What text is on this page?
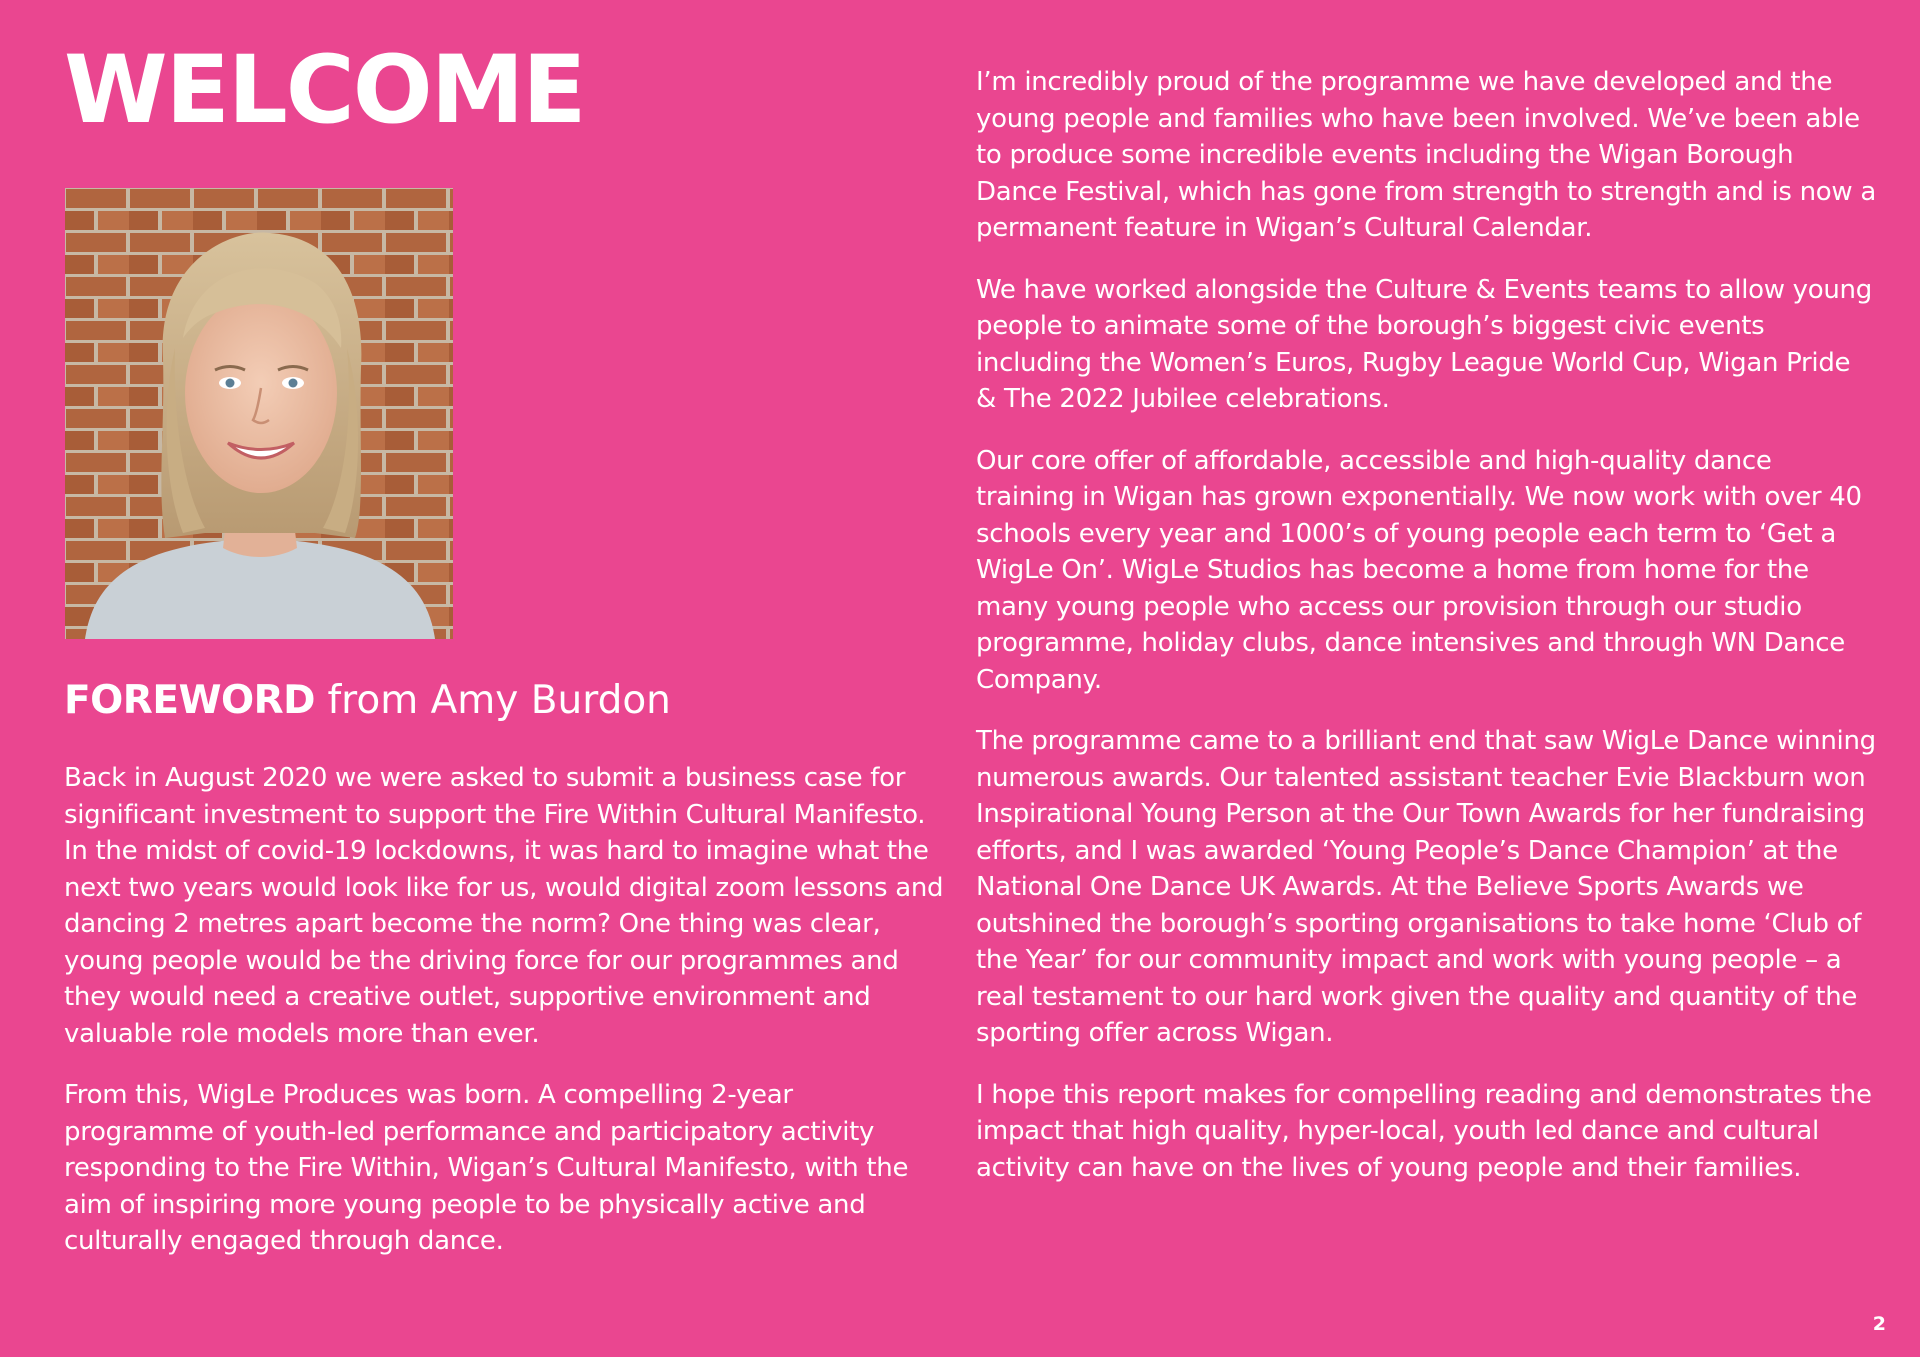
WELCOME
FOREWORD from Amy Burdon

Back in August 2020 we were asked to submit a business case for significant investment to support the Fire Within Cultural Manifesto. In the midst of covid-19 lockdowns, it was hard to imagine what the next two years would look like for us, would digital zoom lessons and dancing 2 metres apart become the norm? One thing was clear, young people would be the driving force for our programmes and they would need a creative outlet, supportive environment and valuable role models more than ever.

From this, WigLe Produces was born. A compelling 2-year programme of youth-led performance and participatory activity responding to the Fire Within, Wigan’s Cultural Manifesto, with the aim of inspiring more young people to be physically active and culturally engaged through dance.

I’m incredibly proud of the programme we have developed and the young people and families who have been involved. We’ve been able to produce some incredible events including the Wigan Borough Dance Festival, which has gone from strength to strength and is now a permanent feature in Wigan’s Cultural Calendar.

We have worked alongside the Culture & Events teams to allow young people to animate some of the borough’s biggest civic events including the Women’s Euros, Rugby League World Cup, Wigan Pride & The 2022 Jubilee celebrations.

Our core offer of affordable, accessible and high-quality dance training in Wigan has grown exponentially. We now work with over 40 schools every year and 1000’s of young people each term to ‘Get a WigLe On’. WigLe Studios has become a home from home for the many young people who access our provision through our studio programme, holiday clubs, dance intensives and through WN Dance Company.

The programme came to a brilliant end that saw WigLe Dance winning numerous awards. Our talented assistant teacher Evie Blackburn won Inspirational Young Person at the Our Town Awards for her fundraising efforts, and I was awarded ‘Young People’s Dance Champion’ at the National One Dance UK Awards. At the Believe Sports Awards we outshined the borough’s sporting organisations to take home ‘Club of the Year’ for our community impact and work with young people – a real testament to our hard work given the quality and quantity of the sporting offer across Wigan.

I hope this report makes for compelling reading and demonstrates the impact that high quality, hyper-local, youth led dance and cultural activity can have on the lives of young people and their families.

2
